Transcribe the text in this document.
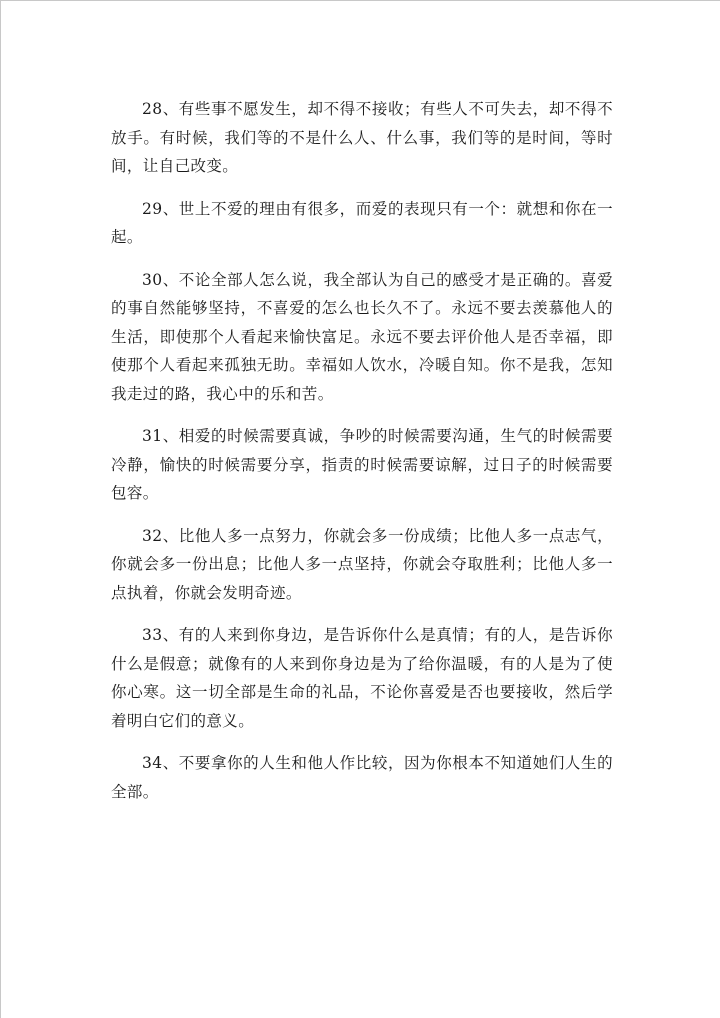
28、有些事不愿发生，却不得不接收；有些人不可失去，却不得不放手。有时候，我们等的不是什么人、什么事，我们等的是时间，等时间，让自己改变。

29、世上不爱的理由有很多，而爱的表现只有一个：就想和你在一起。

30、不论全部人怎么说，我全部认为自己的感受才是正确的。喜爱的事自然能够坚持，不喜爱的怎么也长久不了。永远不要去羡慕他人的生活，即使那个人看起来愉快富足。永远不要去评价他人是否幸福，即使那个人看起来孤独无助。幸福如人饮水，冷暖自知。你不是我，怎知我走过的路，我心中的乐和苦。

31、相爱的时候需要真诚，争吵的时候需要沟通，生气的时候需要冷静，愉快的时候需要分享，指责的时候需要谅解，过日子的时候需要包容。

32、比他人多一点努力，你就会多一份成绩；比他人多一点志气，你就会多一份出息；比他人多一点坚持，你就会夺取胜利；比他人多一点执着，你就会发明奇迹。

33、有的人来到你身边，是告诉你什么是真情；有的人，是告诉你什么是假意；就像有的人来到你身边是为了给你温暖，有的人是为了使你心寒。这一切全部是生命的礼品，不论你喜爱是否也要接收，然后学着明白它们的意义。

34、不要拿你的人生和他人作比较，因为你根本不知道她们人生的全部。
